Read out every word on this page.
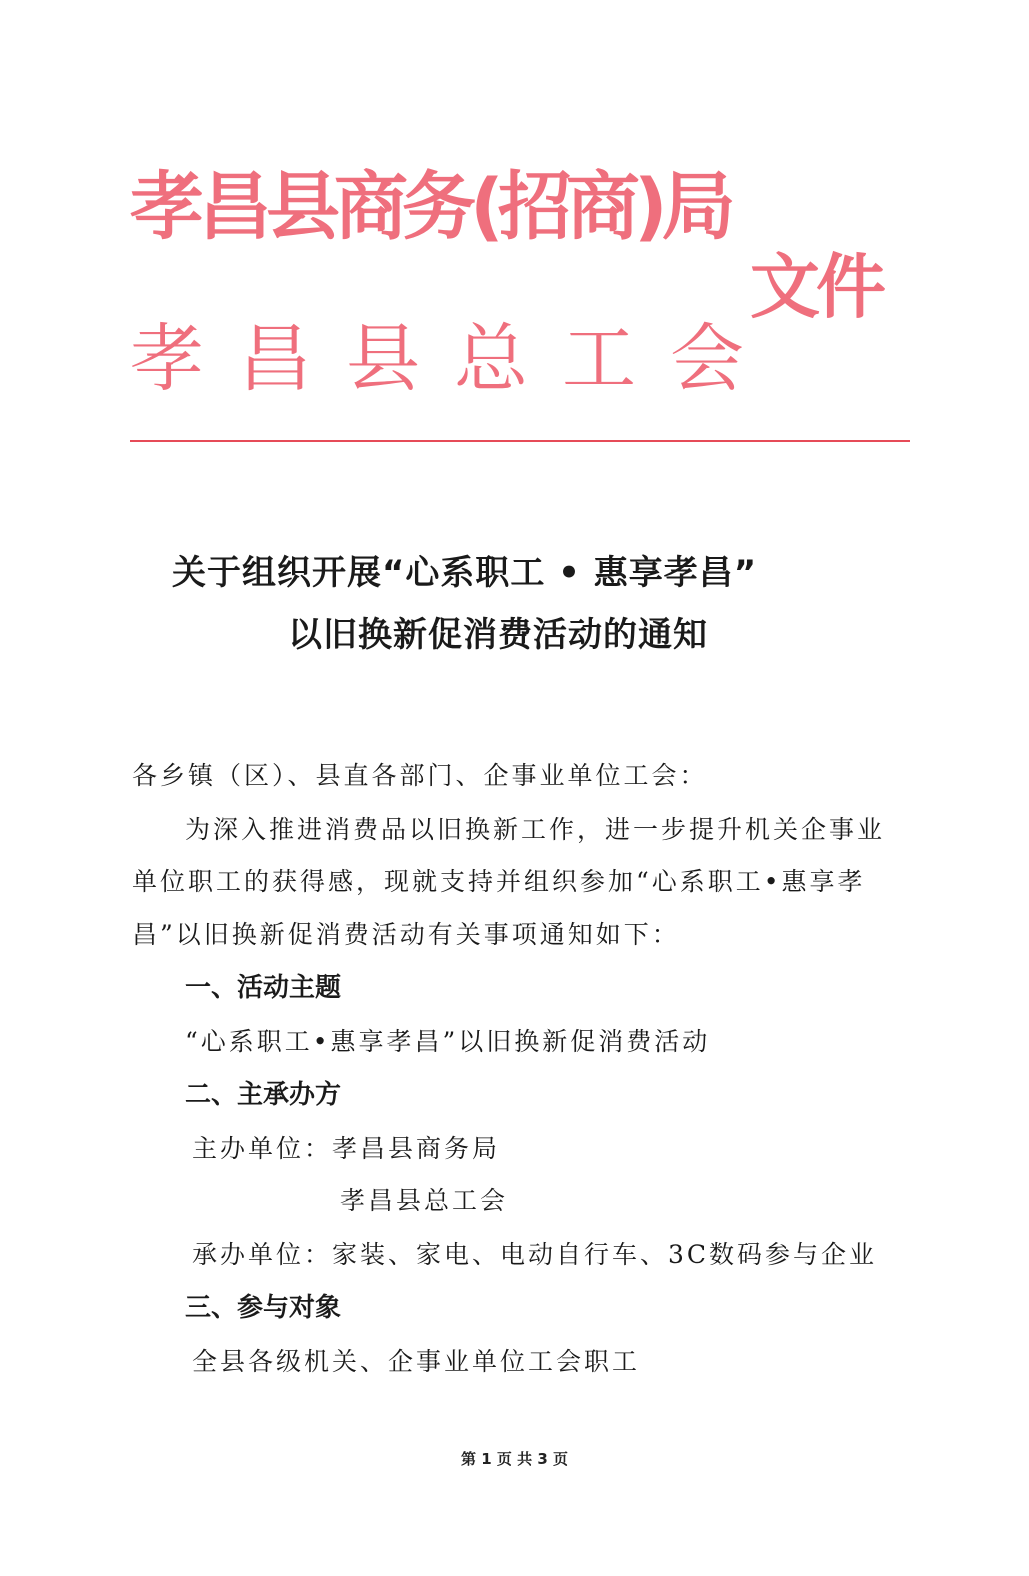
孝昌县商务(招商)局
孝昌县总工会
文件
关于组织开展“心系职工 • 惠享孝昌”
以旧换新促消费活动的通知
各乡镇（区）、县直各部门、企事业单位工会：
为深入推进消费品以旧换新工作，进一步提升机关企事业
单位职工的获得感，现就支持并组织参加“心系职工•惠享孝
昌”以旧换新促消费活动有关事项通知如下：
一、活动主题
“心系职工•惠享孝昌”以旧换新促消费活动
二、主承办方
主办单位：孝昌县商务局
孝昌县总工会
承办单位：家装、家电、电动自行车、3C数码参与企业
三、参与对象
全县各级机关、企事业单位工会职工
第 1 页 共 3 页
